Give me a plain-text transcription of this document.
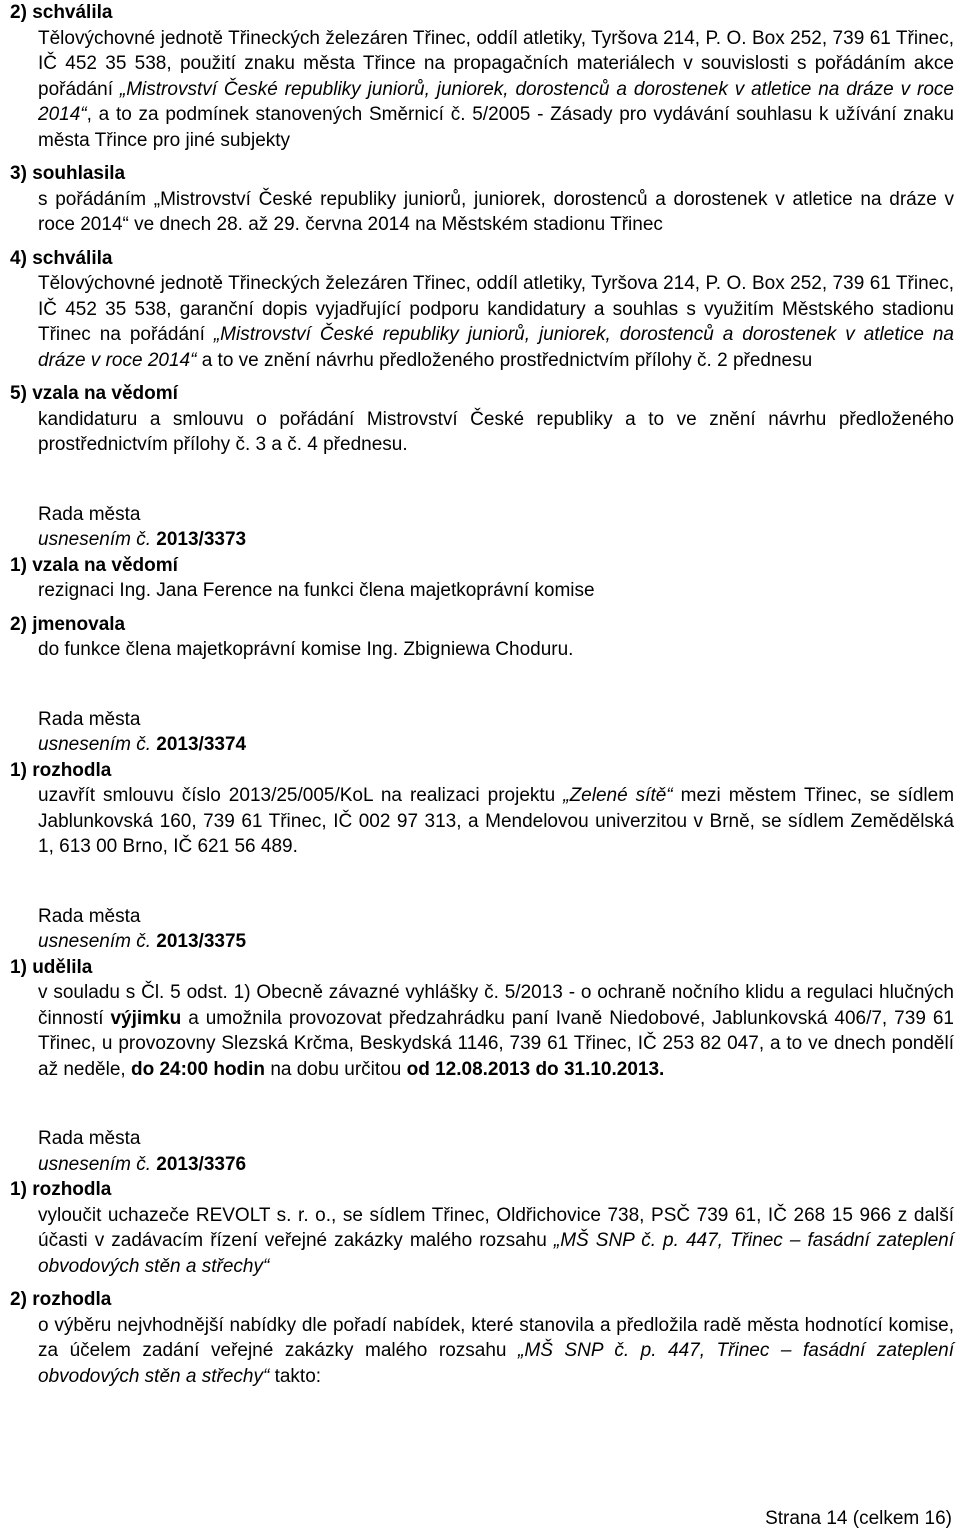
2) schválila
Tělovýchovné jednotě Třineckých železáren Třinec, oddíl atletiky, Tyršova 214, P. O. Box 252, 739 61 Třinec, IČ 452 35 538, použití znaku města Třince na propagačních materiálech v souvislosti s pořádáním akce pořádání „Mistrovství České republiky juniorů, juniorek, dorostenců a dorostenek v atletice na dráze v roce 2014“, a to za podmínek stanovených Směrnicí č. 5/2005 - Zásady pro vydávání souhlasu k užívání znaku města Třince pro jiné subjekty
3) souhlasila
s pořádáním „Mistrovství České republiky juniorů, juniorek, dorostenců a dorostenek v atletice na dráze v roce 2014“ ve dnech 28. až 29. června 2014 na Městském stadionu Třinec
4) schválila
Tělovýchovné jednotě Třineckých železáren Třinec, oddíl atletiky, Tyršova 214, P. O. Box 252, 739 61 Třinec, IČ 452 35 538, garanční dopis vyjadřující podporu kandidatury a souhlas s využitím Městského stadionu Třinec na pořádání „Mistrovství České republiky juniorů, juniorek, dorostenců a dorostenek v atletice na dráze v roce 2014“ a to ve znění návrhu předloženého prostřednictvím přílohy č. 2 přednesu
5) vzala na vědomí
kandidaturu a smlouvu o pořádání Mistrovství České republiky a to ve znění návrhu předloženého prostřednictvím přílohy č. 3 a č. 4 přednesu.
Rada města
usnesením č. 2013/3373
1) vzala na vědomí
rezignaci Ing. Jana Ference na funkci člena majetkoprávní komise
2) jmenovala
do funkce člena majetkoprávní komise Ing. Zbigniewa Choduru.
Rada města
usnesením č. 2013/3374
1) rozhodla
uzavřít smlouvu číslo 2013/25/005/KoL na realizaci projektu „Zelené sítě“ mezi městem Třinec, se sídlem Jablunkovská 160, 739 61 Třinec, IČ 002 97 313, a Mendelovou univerzitou v Brně, se sídlem Zemědělská 1, 613 00 Brno, IČ 621 56 489.
Rada města
usnesením č. 2013/3375
1) udělila
v souladu s Čl. 5 odst. 1) Obecně závazné vyhlášky č. 5/2013 - o ochraně nočního klidu a regulaci hlučných činností výjimku a umožnila provozovat předzahrádku paní Ivaně Niedobové, Jablunkovská 406/7, 739 61 Třinec, u provozovny Slezská Krčma, Beskydská 1146, 739 61 Třinec, IČ 253 82 047, a to ve dnech pondělí až neděle, do 24:00 hodin na dobu určitou od 12.08.2013 do 31.10.2013.
Rada města
usnesením č. 2013/3376
1) rozhodla
vyloučit uchazeče REVOLT s. r. o., se sídlem Třinec, Oldřichovice 738, PSČ 739 61, IČ 268 15 966 z další účasti v zadávacím řízení veřejné zakázky malého rozsahu „MŠ SNP č. p. 447, Třinec – fasádní zateplení obvodových stěn a střechy“
2) rozhodla
o výběru nejvhodnější nabídky dle pořadí nabídek, které stanovila a předložila radě města hodnotící komise, za účelem zadání veřejné zakázky malého rozsahu „MŠ SNP č. p. 447, Třinec – fasádní zateplení obvodových stěn a střechy“ takto:
Strana 14 (celkem 16)
